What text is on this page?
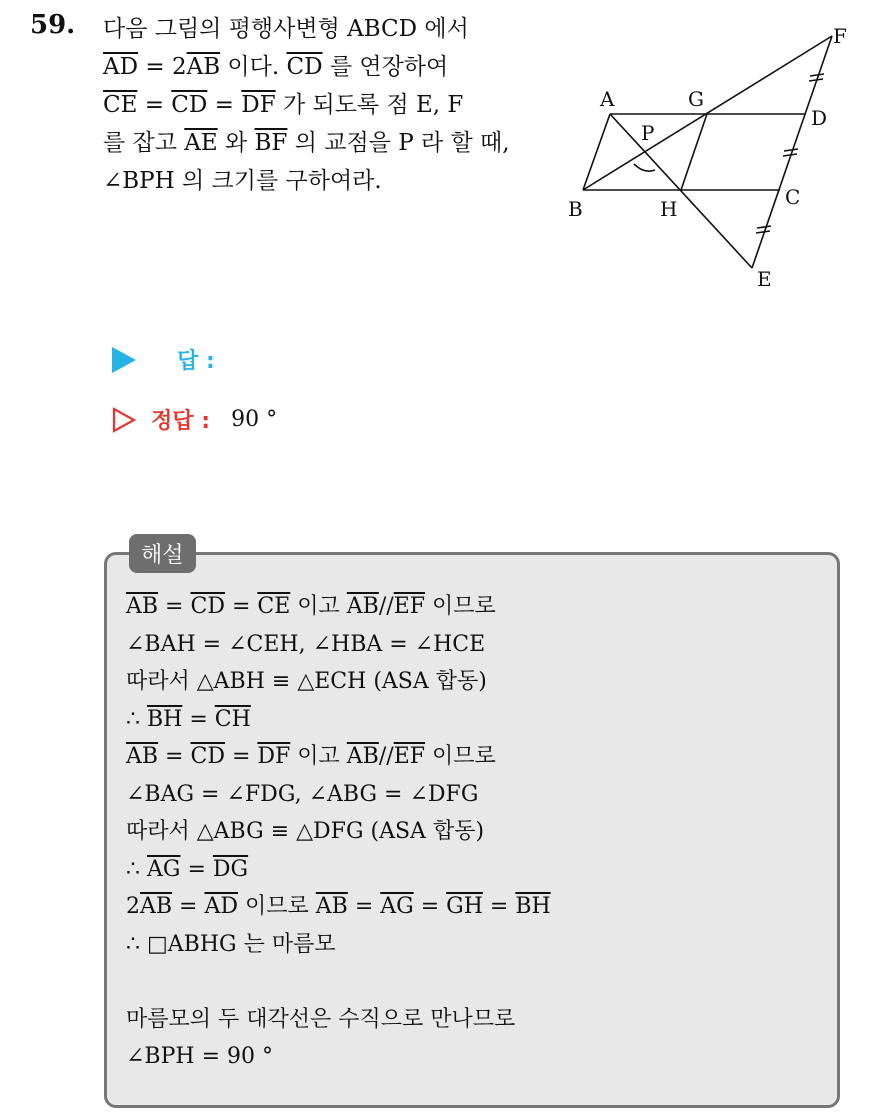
59. 다음 그림의 평행사변형 ABCD 에서
$\overline{AD} = 2\overline{AB}$ 이다. $\overline{CD}$ 를 연장하여
$\overline{CE} = \overline{CD} = \overline{DF}$ 가 되도록 점 E, F
를 잡고 $\overline{AE}$ 와 $\overline{BF}$ 의 교점을 P 라 할 때,
∠BPH 의 크기를 구하여라.
A	G
D
F
P
B	H	C
E
답 :
정답 : 90 °
해설
$\overline{AB} = \overline{CD} = \overline{CE}$ 이고 $\overline{AB}//\overline{EF}$ 이므로
∠BAH = ∠CEH, ∠HBA = ∠HCE
따라서 △ABH ≡ △ECH (ASA 합동)
∴ $\overline{BH} = \overline{CH}$
$\overline{AB} = \overline{CD} = \overline{DF}$ 이고 $\overline{AB}//\overline{EF}$ 이므로
∠BAG = ∠FDG, ∠ABG = ∠DFG
따라서 △ABG ≡ △DFG (ASA 합동)
∴ $\overline{AG} = \overline{DG}$
$2\overline{AB} = \overline{AD}$ 이므로 $\overline{AB} = \overline{AG} = \overline{GH} = \overline{BH}$
∴ □ABHG 는 마름모
마름모의 두 대각선은 수직으로 만나므로
∠BPH = 90 °
